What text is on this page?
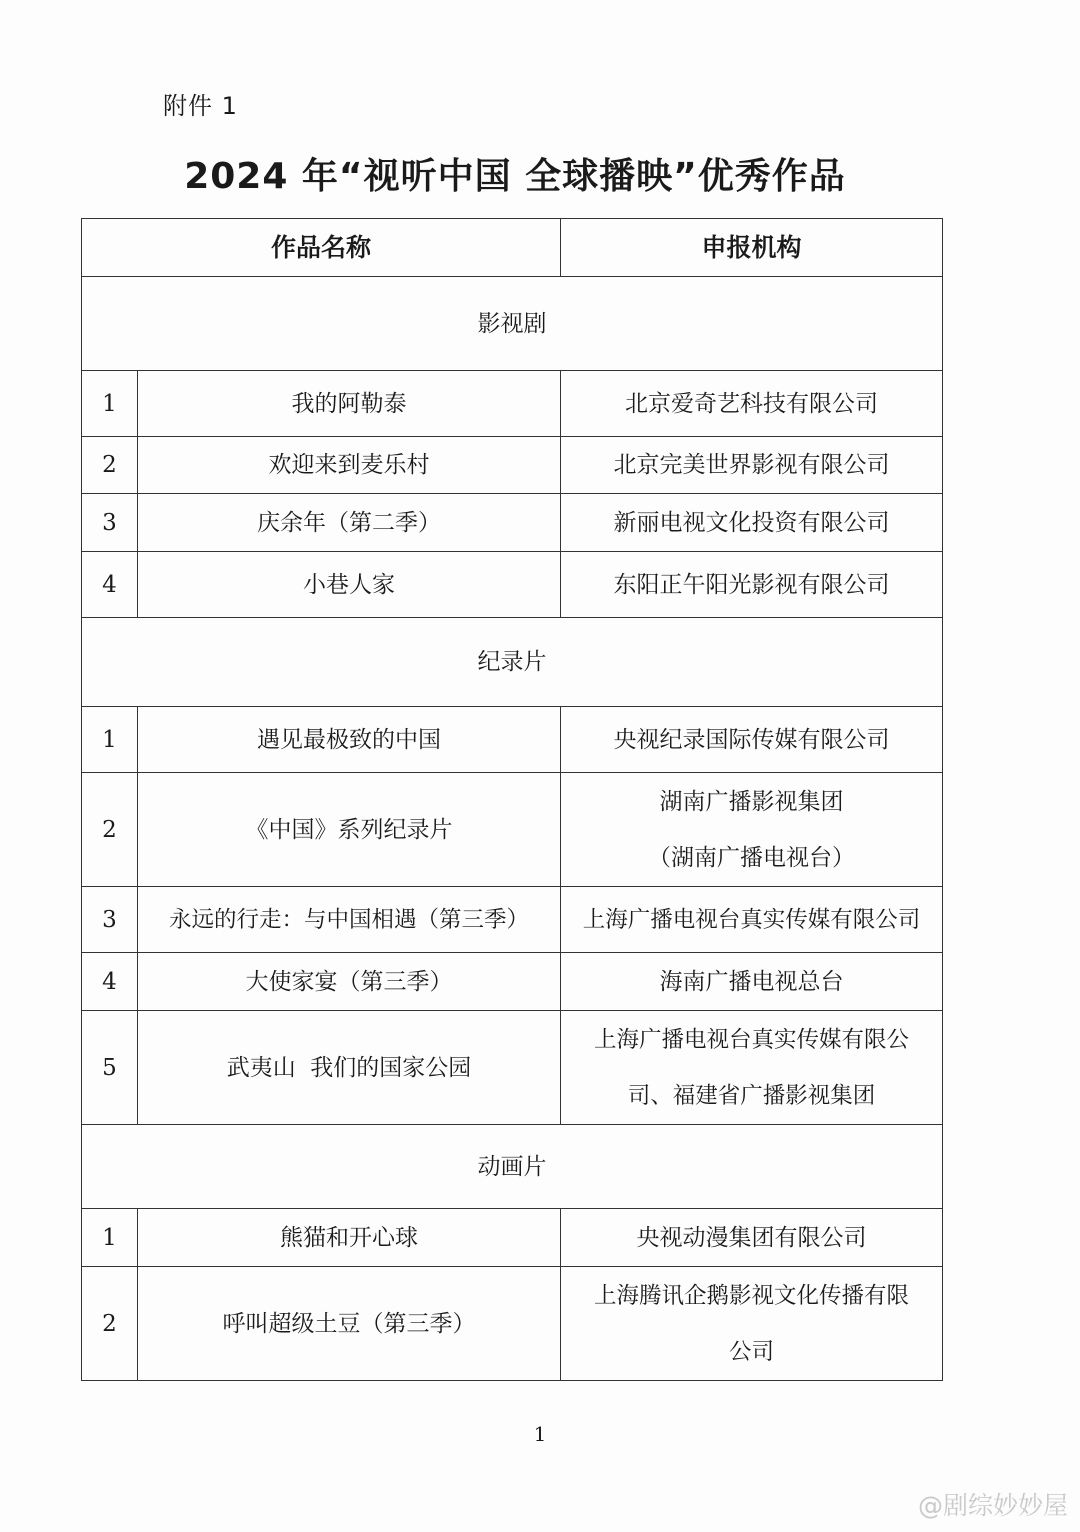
附件 1
2024 年“视听中国 全球播映”优秀作品
作品名称		申报机构
影视剧		
1	我的阿勒泰	北京爱奇艺科技有限公司
2	欢迎来到麦乐村	北京完美世界影视有限公司
3	庆余年（第二季）	新丽电视文化投资有限公司
4	小巷人家	东阳正午阳光影视有限公司
纪录片		
1	遇见最极致的中国	央视纪录国际传媒有限公司
2	《中国》系列纪录片	湖南广播影视集团
（湖南广播电视台）

3	永远的行走：与中国相遇（第三季）	上海广播电视台真实传媒有限公司
4	大使家宴（第三季）	海南广播电视总台
5	武夷山  我们的国家公园	上海广播电视台真实传媒有限公
司、福建省广播影视集团

动画片		
1	熊猫和开心球	央视动漫集团有限公司
2	呼叫超级土豆（第三季）	上海腾讯企鹅影视文化传播有限
公司
1
@剧综妙妙屋
